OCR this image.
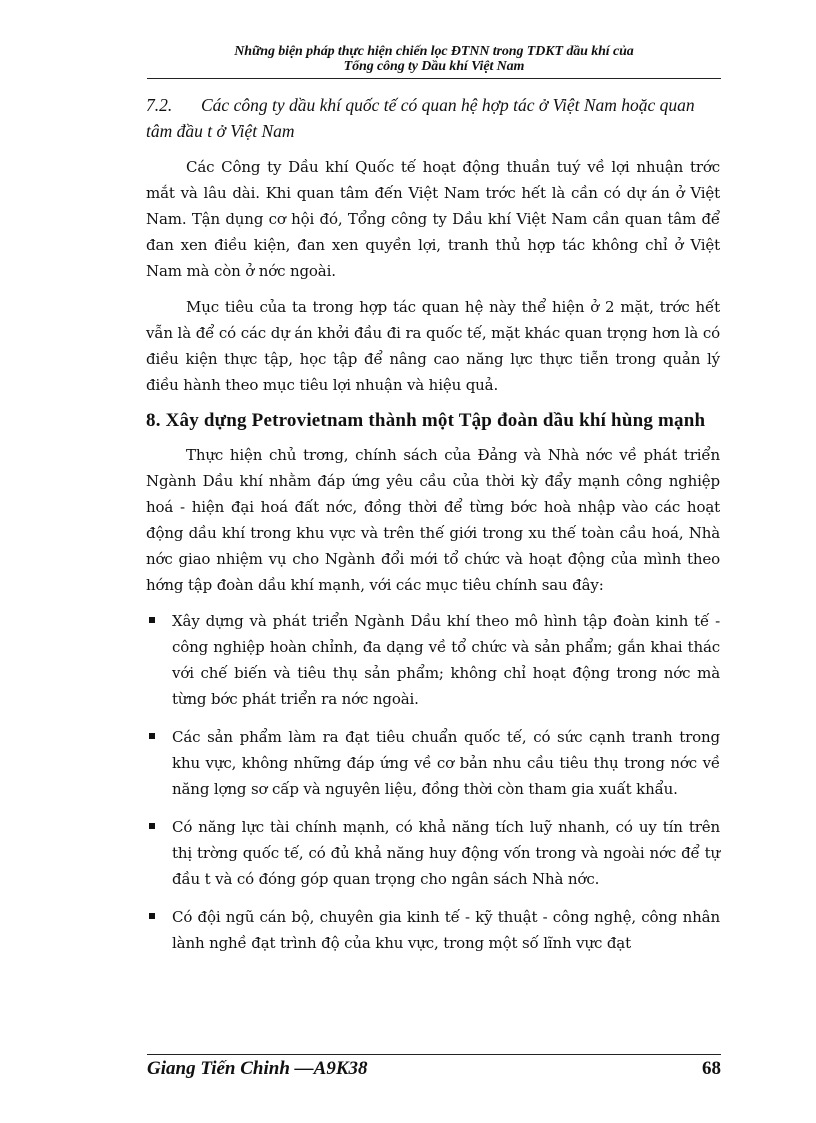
Những biện pháp thực hiện chiến lọc ĐTNN trong TDKT dầu khí của
Tổng công ty Dầu khí Việt Nam
7.2. Các công ty dầu khí quốc tế có quan hệ hợp tác ở Việt Nam hoặc quan tâm đầu t ở Việt Nam

Các Công ty Dầu khí Quốc tế hoạt động thuần tuý về lợi nhuận trớc mắt và lâu dài. Khi quan tâm đến Việt Nam trớc hết là cần có dự án ở Việt Nam. Tận dụng cơ hội đó, Tổng công ty Dầu khí Việt Nam cần quan tâm để đan xen điều kiện, đan xen quyền lợi, tranh thủ hợp tác không chỉ ở Việt Nam mà còn ở nớc ngoài.

Mục tiêu của ta trong hợp tác quan hệ này thể hiện ở 2 mặt, trớc hết vẫn là để có các dự án khởi đầu đi ra quốc tế, mặt khác quan trọng hơn là có điều kiện thực tập, học tập để nâng cao năng lực thực tiễn trong quản lý điều hành theo mục tiêu lợi nhuận và hiệu quả.

8. Xây dựng Petrovietnam thành một Tập đoàn dầu khí hùng mạnh

Thực hiện chủ trơng, chính sách của Đảng và Nhà nớc về phát triển Ngành Dầu khí nhằm đáp ứng yêu cầu của thời kỳ đẩy mạnh công nghiệp hoá - hiện đại hoá đất nớc, đồng thời để từng bớc hoà nhập vào các hoạt động dầu khí trong khu vực và trên thế giới trong xu thế toàn cầu hoá, Nhà nớc giao nhiệm vụ cho Ngành đổi mới tổ chức và hoạt động của mình theo hớng tập đoàn dầu khí mạnh, với các mục tiêu chính sau đây:

Xây dựng và phát triển Ngành Dầu khí theo mô hình tập đoàn kinh tế - công nghiệp hoàn chỉnh, đa dạng về tổ chức và sản phẩm; gắn khai thác với chế biến và tiêu thụ sản phẩm; không chỉ hoạt động trong nớc mà từng bớc phát triển ra nớc ngoài.
Các sản phẩm làm ra đạt tiêu chuẩn quốc tế, có sức cạnh tranh trong khu vực, không những đáp ứng về cơ bản nhu cầu tiêu thụ trong nớc về năng lợng sơ cấp và nguyên liệu, đồng thời còn tham gia xuất khẩu.
Có năng lực tài chính mạnh, có khả năng tích luỹ nhanh, có uy tín trên thị trờng quốc tế, có đủ khả năng huy động vốn trong và ngoài nớc để tự đầu t và có đóng góp quan trọng cho ngân sách Nhà nớc.
Có đội ngũ cán bộ, chuyên gia kinh tế - kỹ thuật - công nghệ, công nhân lành nghề đạt trình độ của khu vực, trong một số lĩnh vực đạt
Giang Tiến Chinh —A9K38	68
